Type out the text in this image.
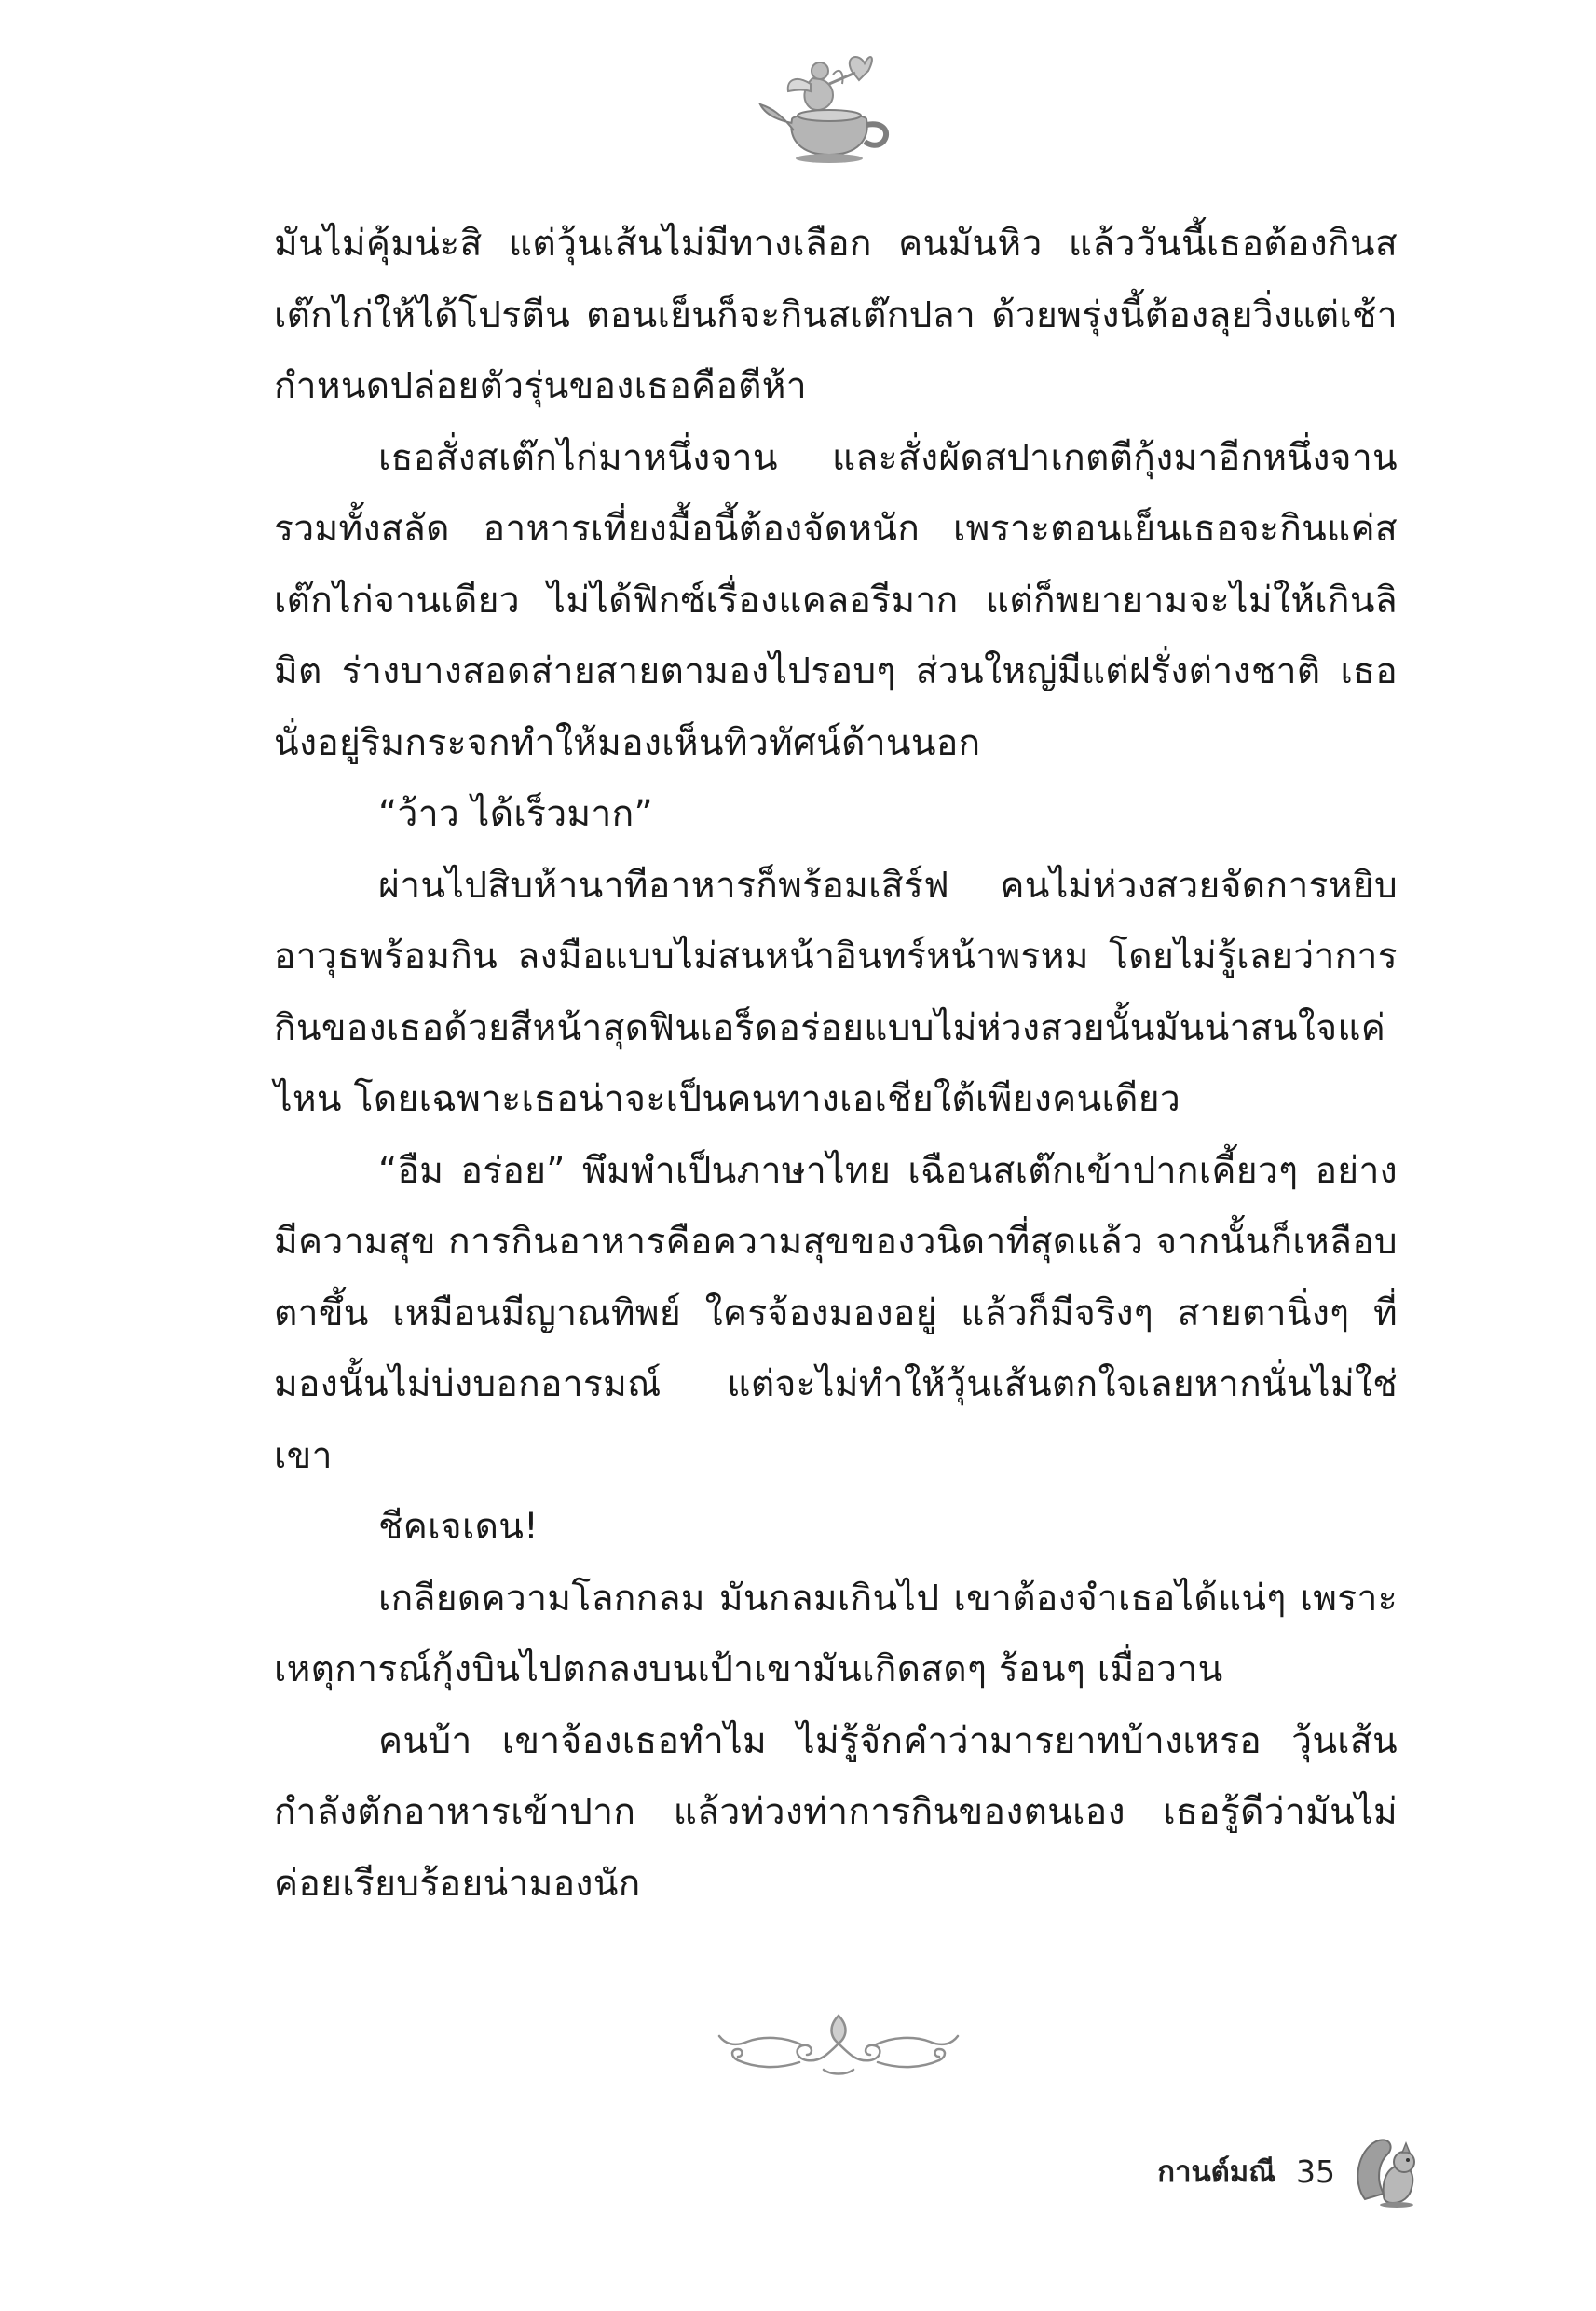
มันไม่คุ้มน่ะสิ แต่วุ้นเส้นไม่มีทางเลือก คนมันหิว แล้ววันนี้เธอต้องกินสเต๊กไก่ให้ได้โปรตีน ตอนเย็นก็จะกินสเต๊กปลา ด้วยพรุ่งนี้ต้องลุยวิ่งแต่เช้า กำหนดปล่อยตัวรุ่นของเธอคือตีห้า

เธอสั่งสเต๊กไก่มาหนึ่งจาน และสั่งผัดสปาเกตตีกุ้งมาอีกหนึ่งจาน รวมทั้งสลัด อาหารเที่ยงมื้อนี้ต้องจัดหนัก เพราะตอนเย็นเธอจะกินแค่สเต๊กไก่จานเดียว ไม่ได้ฟิกซ์เรื่องแคลอรีมาก แต่ก็พยายามจะไม่ให้เกินลิมิต ร่างบางสอดส่ายสายตามองไปรอบๆ ส่วนใหญ่มีแต่ฝรั่งต่างชาติ เธอนั่งอยู่ริมกระจกทำให้มองเห็นทิวทัศน์ด้านนอก

“ว้าว ได้เร็วมาก”

ผ่านไปสิบห้านาทีอาหารก็พร้อมเสิร์ฟ คนไม่ห่วงสวยจัดการหยิบอาวุธพร้อมกิน ลงมือแบบไม่สนหน้าอินทร์หน้าพรหม โดยไม่รู้เลยว่าการกินของเธอด้วยสีหน้าสุดฟินเอร็ดอร่อยแบบไม่ห่วงสวยนั้นมันน่าสนใจแค่ไหน โดยเฉพาะเธอน่าจะเป็นคนทางเอเชียใต้เพียงคนเดียว

“อืม อร่อย” พึมพำเป็นภาษาไทย เฉือนสเต๊กเข้าปากเคี้ยวๆ อย่างมีความสุข การกินอาหารคือความสุขของวนิดาที่สุดแล้ว จากนั้นก็เหลือบตาขึ้น เหมือนมีญาณทิพย์ ใครจ้องมองอยู่ แล้วก็มีจริงๆ สายตานิ่งๆ ที่มองนั้นไม่บ่งบอกอารมณ์ แต่จะไม่ทำให้วุ้นเส้นตกใจเลยหากนั่นไม่ใช่เขา

ชีคเจเดน!

เกลียดความโลกกลม มันกลมเกินไป เขาต้องจำเธอได้แน่ๆ เพราะเหตุการณ์กุ้งบินไปตกลงบนเป้าเขามันเกิดสดๆ ร้อนๆ เมื่อวาน

คนบ้า เขาจ้องเธอทำไม ไม่รู้จักคำว่ามารยาทบ้างเหรอ วุ้นเส้นกำลังตักอาหารเข้าปาก แล้วท่วงท่าการกินของตนเอง เธอรู้ดีว่ามันไม่ค่อยเรียบร้อยน่ามองนัก

กานต์มณี 35
